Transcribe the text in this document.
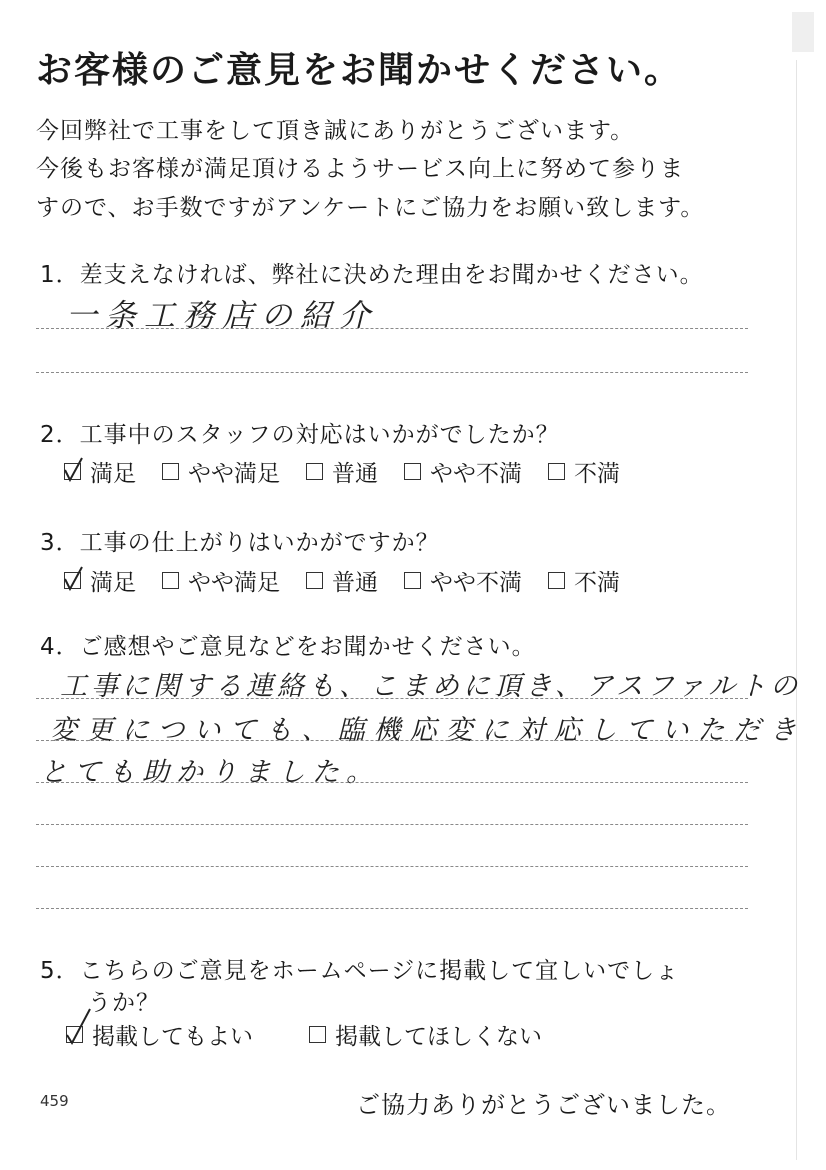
お客様のご意見をお聞かせください。
今回弊社で工事をして頂き誠にありがとうございます。
今後もお客様が満足頂けるようサービス向上に努めて参りま
すので、お手数ですがアンケートにご協力をお願い致します。
1．差支えなければ、弊社に決めた理由をお聞かせください。
一条工務店の紹介
2．工事中のスタッフの対応はいかがでしたか？
満足 やや満足 普通 やや不満 不満
3．工事の仕上がりはいかがですか？
満足 やや満足 普通 やや不満 不満
4．ご感想やご意見などをお聞かせください。
工事に関する連絡も、こまめに頂き、アスファルトの
変更についても、臨機応変に対応していただき
とても助かりました。
5．こちらのご意見をホームページに掲載して宜しいでしょ
うか？
掲載してもよい	掲載してほしくない
459	ご協力ありがとうございました。
